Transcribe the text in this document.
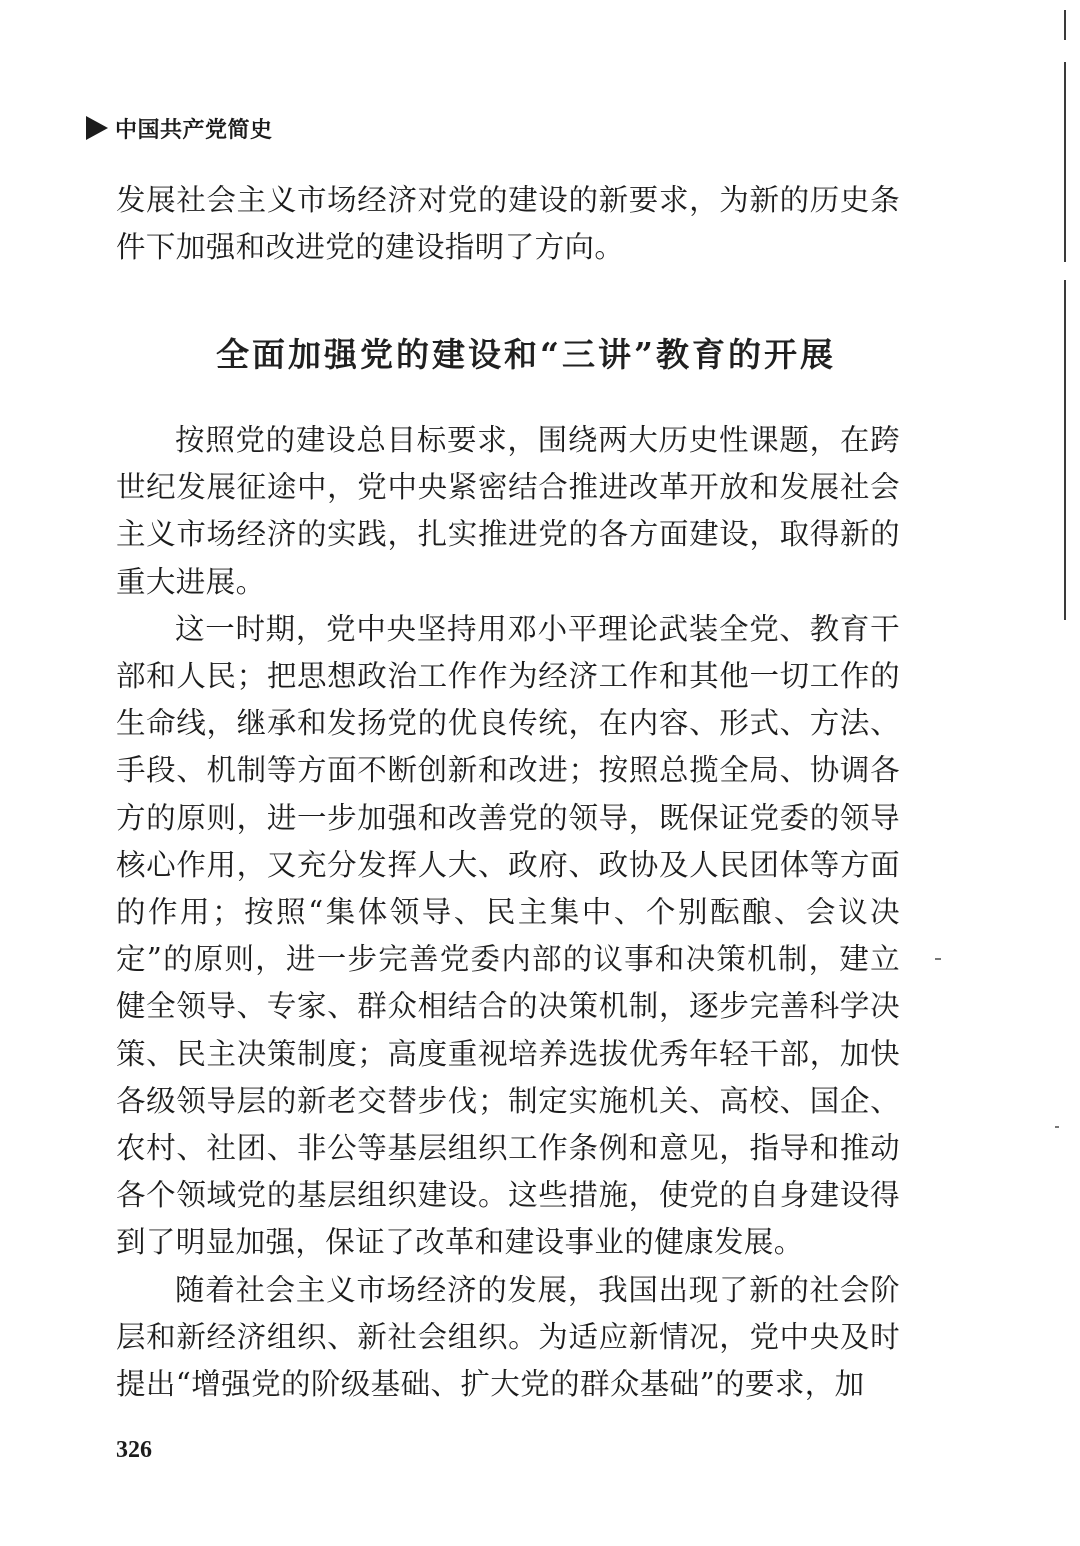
中国共产党简史

发展社会主义市场经济对党的建设的新要求，为新的历史条件下加强和改进党的建设指明了方向。

全面加强党的建设和“三讲”教育的开展

按照党的建设总目标要求，围绕两大历史性课题，在跨世纪发展征途中，党中央紧密结合推进改革开放和发展社会主义市场经济的实践，扎实推进党的各方面建设，取得新的重大进展。

这一时期，党中央坚持用邓小平理论武装全党、教育干部和人民；把思想政治工作作为经济工作和其他一切工作的生命线，继承和发扬党的优良传统，在内容、形式、方法、手段、机制等方面不断创新和改进；按照总揽全局、协调各方的原则，进一步加强和改善党的领导，既保证党委的领导核心作用，又充分发挥人大、政府、政协及人民团体等方面的作用；按照“集体领导、民主集中、个别酝酿、会议决定”的原则，进一步完善党委内部的议事和决策机制，建立健全领导、专家、群众相结合的决策机制，逐步完善科学决策、民主决策制度；高度重视培养选拔优秀年轻干部，加快各级领导层的新老交替步伐；制定实施机关、高校、国企、农村、社团、非公等基层组织工作条例和意见，指导和推动各个领域党的基层组织建设。这些措施，使党的自身建设得到了明显加强，保证了改革和建设事业的健康发展。

随着社会主义市场经济的发展，我国出现了新的社会阶层和新经济组织、新社会组织。为适应新情况，党中央及时提出“增强党的阶级基础、扩大党的群众基础”的要求，加

326
